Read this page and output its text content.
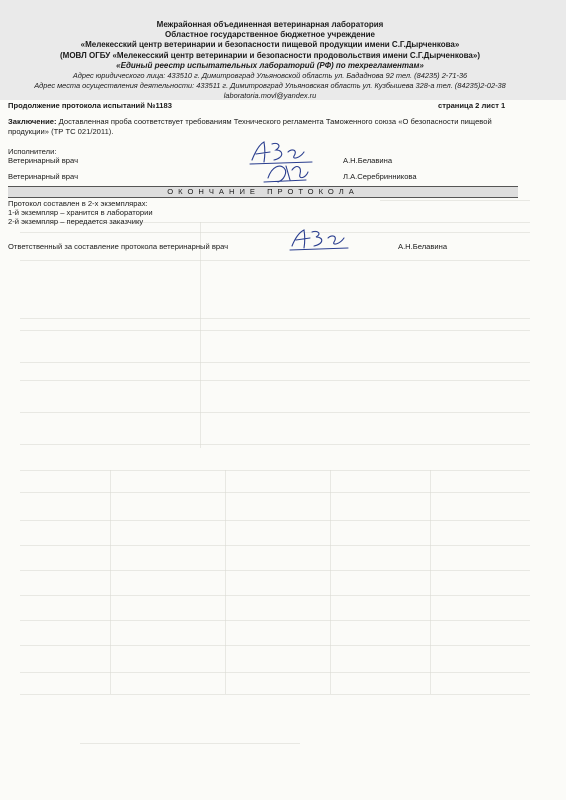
Межрайонная объединенная ветеринарная лаборатория
Областное государственное бюджетное учреждение
«Мелекесский центр ветеринарии и безопасности пищевой продукции имени С.Г.Дырченкова»
(МОВЛ ОГБУ «Мелекесский центр ветеринарии и безопасности продовольствия имени С.Г.Дырченкова»)
«Единый реестр испытательных лабораторий (РФ) по техрегламентам»
Адрес юридического лица: 433510 г. Димитровград Ульяновской область ул. Бададнова 92 тел. (84235) 2-71-36
Адрес места осуществления деятельности: 433511 г. Димитровград Ульяновская область ул. Кузбышева 328-а тел. (84235)2-02-38
laboratoria.movl@yandex.ru
Продолжение протокола испытаний №1183	страница 2 лист 1
Заключение: Доставленная проба соответствует требованиям Технического регламента Таможенного союза «О безопасности пищевой
продукции» (ТР ТС 021/2011).
Исполнители:
Ветеринарный врач	А.Н.Белавина
Ветеринарный врач	Л.А.Серебринникова
ОКОНЧАНИЕ ПРОТОКОЛА
Протокол составлен в 2-х экземплярах:
1-й экземпляр – хранится в лаборатории
2-й экземпляр – передается заказчику
Ответственный за составление протокола ветеринарный врач	А.Н.Белавина
